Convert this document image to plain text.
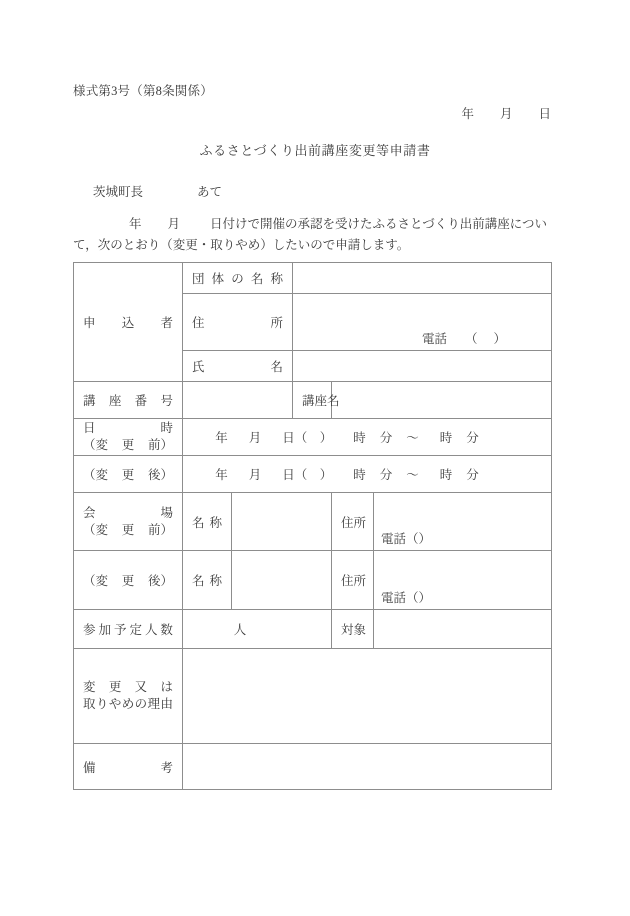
様式第3号（第8条関係）
年 月 日
ふるさとづくり出前講座変更等申請書
茨城町長	あて
年 月 日付けで開催の承認を受けたふるさとづくり出前講座について，次のとおり（変更・取りやめ）したいので申請します。
申 込 者	団 体 の 名 称				

	住 所		電話 （ ）		

	氏 名				

講 座 番 号			講 座 名		

日 時
（変 更 前）	年 月 日（　） 時 分 ～ 時 分				

（変 更 後）	年 月 日（　） 時 分 ～ 時 分				

会 場
（変 更 前）	名 称			住 所	電話（）

（変 更 後）	名 称			住 所	電話（）

参 加 予 定 人 数	人	対 象

変 更 又 は
取 り や め の 理 由

備 考					
